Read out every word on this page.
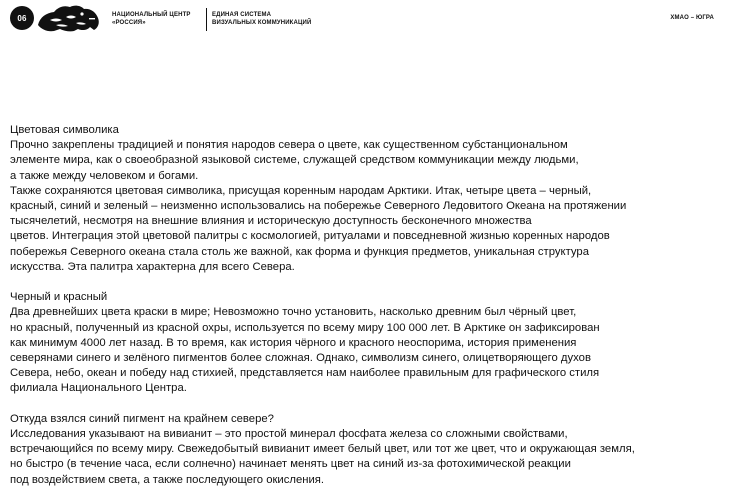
06	НАЦИОНАЛЬНЫЙ ЦЕНТР
«РОССИЯ»
ЕДИНАЯ СИСТЕМА
ВИЗУАЛЬНЫХ КОММУНИКАЦИЙ
ХМАО – ЮГРА
Цветовая символика
Прочно закреплены традицией и понятия народов севера о цвете, как существенном субстанциональном
элементе мира, как о своеобразной языковой системе, служащей средством коммуникации между людьми,
а также между человеком и богами.
Также сохраняются цветовая символика, присущая коренным народам Арктики. Итак, четыре цвета – черный,
красный, синий и зеленый – неизменно использовались на побережье Северного Ледовитого Океана на протяжении
тысячелетий, несмотря на внешние влияния и историческую доступность бесконечного множества
цветов. Интеграция этой цветовой палитры с космологией, ритуалами и повседневной жизнью коренных народов
побережья Северного океана стала столь же важной, как форма и функция предметов, уникальная структура
искусства. Эта палитра характерна для всего Севера.
Черный и красный
Два древнейших цвета краски в мире; Невозможно точно установить, насколько древним был чёрный цвет,
но красный, полученный из красной охры, используется по всему миру 100 000 лет. В Арктике он зафиксирован
как минимум 4000 лет назад. В то время, как история чёрного и красного неоспорима, история применения
северянами синего и зелёного пигментов более сложная. Однако, символизм синего, олицетворяющего духов
Севера, небо, океан и победу над стихией, представляется нам наиболее правильным для графического стиля
филиала Национального Центра.
Откуда взялся синий пигмент на крайнем севере?
Исследования указывают на вивианит – это простой минерал фосфата железа со сложными свойствами,
встречающийся по всему миру. Свежедобытый вивианит имеет белый цвет, или тот же цвет, что и окружающая земля,
но быстро (в течение часа, если солнечно) начинает менять цвет на синий из-за фотохимической реакции
под воздействием света, а также последующего окисления.
